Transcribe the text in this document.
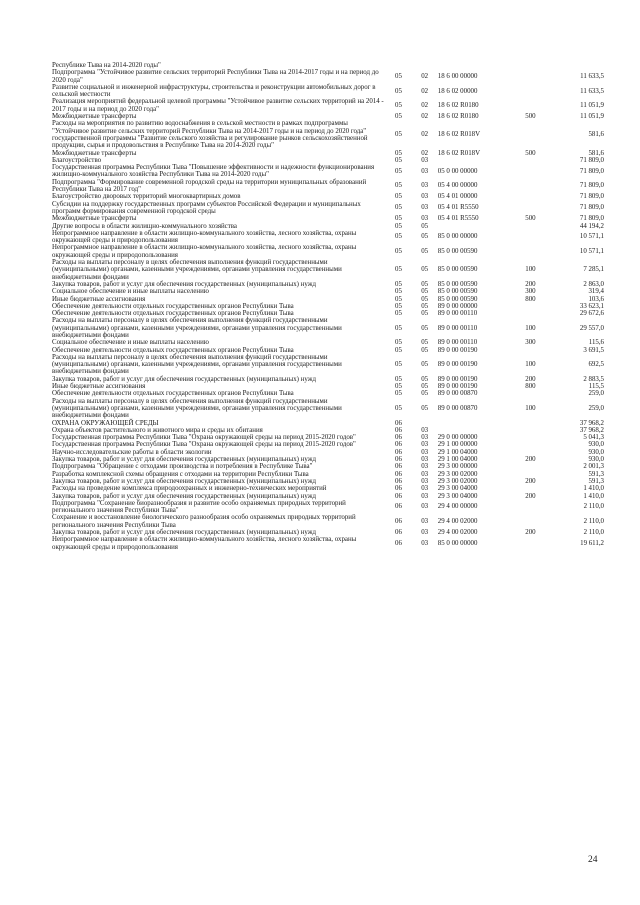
Республике Тыва на 2014-2020 годы"					
Подпрограмма "Устойчивое развитие сельских территорий Республики Тыва на 2014-2017 годы и на период до 2020 года"	05	02	18 6 00 00000		11 633,5
Развитие социальной и инженерной инфраструктуры, строительства и реконструкции автомобильных дорог в сельской местности	05	02	18 6 02 00000		11 633,5
Реализация мероприятий федеральной целевой программы "Устойчивое развитие сельских территорий на 2014 - 2017 годы и на период до 2020 года"	05	02	18 6 02 R0180		11 051,9
Межбюджетные трансферты	05	02	18 6 02 R0180	500	11 051,9
Расходы на мероприятия по развитию водоснабжения в сельской местности в рамках подпрограммы "Устойчивое развитие сельских территорий Республики Тыва на 2014-2017 годы и на период до 2020 года" государственной программы "Развитие сельского хозяйства и регулирование рынков сельскохозяйственной продукции, сырья и продовольствия в Республике Тыва на 2014-2020 годы"	05	02	18 6 02 R018V		581,6
Межбюджетные трансферты	05	02	18 6 02 R018V	500	581,6
Благоустройство	05	03			71 809,0
Государственная программа Республики Тыва "Повышение эффективности и надежности функционирования жилищно-коммунального хозяйства Республики Тыва на 2014-2020 годы"	05	03	05 0 00 00000		71 809,0
Подпрограмма "Формирование современной городской среды на территории муниципальных образований Республики Тыва на 2017 год"	05	03	05 4 00 00000		71 809,0
Благоустройство дворовых территорий многоквартирных домов	05	03	05 4 01 00000		71 809,0
Субсидии на поддержку государственных программ субъектов Российской Федерации и муниципальных программ формирования современной городской среды	05	03	05 4 01 R5550		71 809,0
Межбюджетные трансферты	05	03	05 4 01 R5550	500	71 809,0
Другие вопросы в области жилищно-коммунального хозяйства	05	05			44 194,2
Непрограммное направление в области жилищно-коммунального хозяйства, лесного хозяйства, охраны окружающей среды и природопользования	05	05	85 0 00 00000		10 571,1
Непрограммное направление в области жилищно-коммунального хозяйства, лесного хозяйства, охраны окружающей среды и природопользования	05	05	85 0 00 00590		10 571,1
Расходы на выплаты персоналу в целях обеспечения выполнения функций государственными (муниципальными) органами, казенными учреждениями, органами управления государственными внебюджетными фондами	05	05	85 0 00 00590	100	7 285,1
Закупка товаров, работ и услуг для обеспечения государственных (муниципальных) нужд	05	05	85 0 00 00590	200	2 863,0
Социальное обеспечение и иные выплаты населению	05	05	85 0 00 00590	300	319,4
Иные бюджетные ассигнования	05	05	85 0 00 00590	800	103,6
Обеспечение деятельности отдельных государственных органов Республики Тыва	05	05	89 0 00 00000		33 623,1
Обеспечение деятельности отдельных государственных органов Республики Тыва	05	05	89 0 00 00110		29 672,6
Расходы на выплаты персоналу в целях обеспечения выполнения функций государственными (муниципальными) органами, казенными учреждениями, органами управления государственными внебюджетными фондами	05	05	89 0 00 00110	100	29 557,0
Социальное обеспечение и иные выплаты населению	05	05	89 0 00 00110	300	115,6
Обеспечение деятельности отдельных государственных органов Республики Тыва	05	05	89 0 00 00190		3 691,5
Расходы на выплаты персоналу в целях обеспечения выполнения функций государственными (муниципальными) органами, казенными учреждениями, органами управления государственными внебюджетными фондами	05	05	89 0 00 00190	100	692,5
Закупка товаров, работ и услуг для обеспечения государственных (муниципальных) нужд	05	05	89 0 00 00190	200	2 883,5
Иные бюджетные ассигнования	05	05	89 0 00 00190	800	115,5
Обеспечение деятельности отдельных государственных органов Республики Тыва	05	05	89 0 00 00870		259,0
Расходы на выплаты персоналу в целях обеспечения выполнения функций государственными (муниципальными) органами, казенными учреждениями, органами управления государственными внебюджетными фондами	05	05	89 0 00 00870	100	259,0
ОХРАНА ОКРУЖАЮЩЕЙ СРЕДЫ	06				37 968,2
Охрана объектов растительного и животного мира и среды их обитания	06	03			37 968,2
Государственная программа Республики Тыва "Охрана окружающей среды на период 2015-2020 годов"	06	03	29 0 00 00000		5 041,3
Государственная программа Республики Тыва "Охрана окружающей среды на период 2015-2020 годов"	06	03	29 1 00 00000		930,0
Научно-исследовательские работы в области экологии	06	03	29 1 00 04000		930,0
Закупка товаров, работ и услуг для обеспечения государственных (муниципальных) нужд	06	03	29 1 00 04000	200	930,0
Подпрограмма "Обращение с отходами производства и потребления в Республике Тыва"	06	03	29 3 00 00000		2 001,3
Разработка комплексной схемы обращения с отходами на территории Республики Тыва	06	03	29 3 00 02000		591,3
Закупка товаров, работ и услуг для обеспечения государственных (муниципальных) нужд	06	03	29 3 00 02000	200	591,3
Расходы на проведение комплекса природоохранных и инженерно-технических мероприятий	06	03	29 3 00 04000		1 410,0
Закупка товаров, работ и услуг для обеспечения государственных (муниципальных) нужд	06	03	29 3 00 04000	200	1 410,0
Подпрограмма "Сохранение биоразнообразия и развитие особо охраняемых природных территорий регионального значения Республики Тыва"	06	03	29 4 00 00000		2 110,0
Сохранение и восстановление биологического разнообразия особо охраняемых природных территорий регионального значения Республики Тыва	06	03	29 4 00 02000		2 110,0
Закупка товаров, работ и услуг для обеспечения государственных (муниципальных) нужд	06	03	29 4 00 02000	200	2 110,0
Непрограммное направление в области жилищно-коммунального хозяйства, лесного хозяйства, охраны окружающей среды и природопользования	06	03	85 0 00 00000		19 611,2
24
